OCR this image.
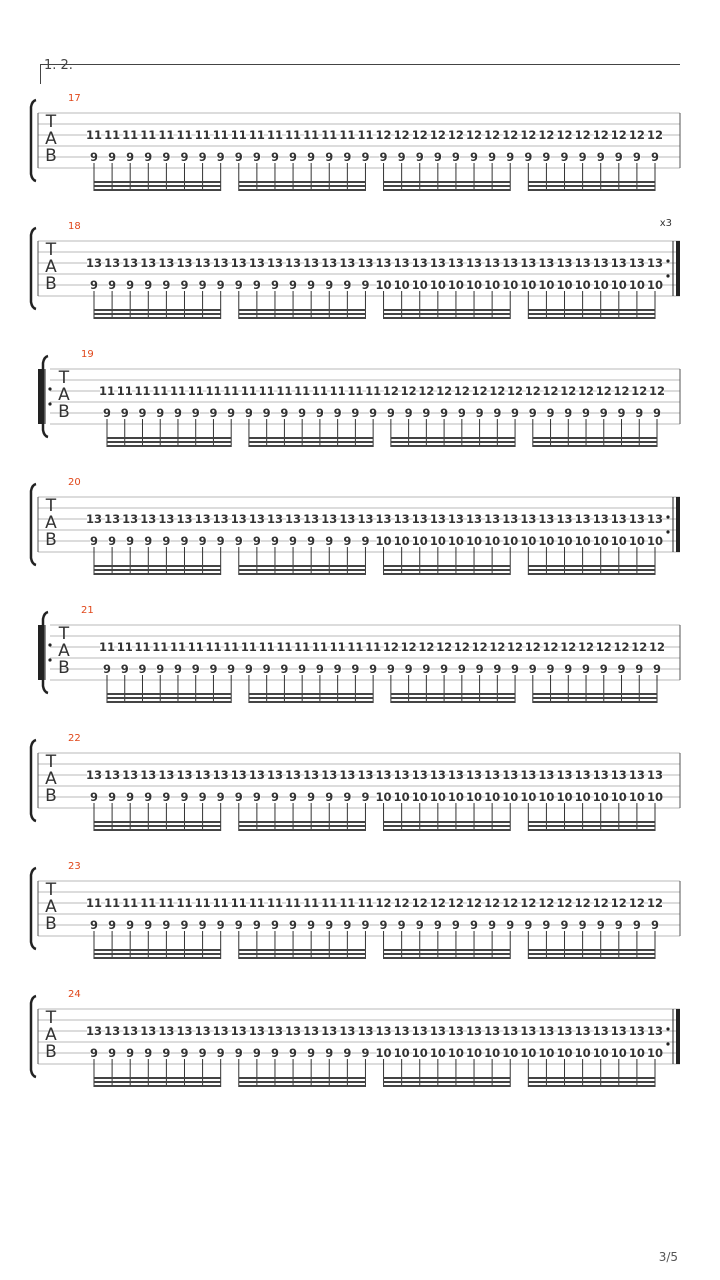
1. 2.
T
A
B
17
11
9
11
9
11
9
11
9
11
9
11
9
11
9
11
9
11
9
11
9
11
9
11
9
11
9
11
9
11
9
11
9
12
9
12
9
12
9
12
9
12
9
12
9
12
9
12
9
12
9
12
9
12
9
12
9
12
9
12
9
12
9
12
9
T
A
B
18	x3
13
9
13
9
13
9
13
9
13
9
13
9
13
9
13
9
13
9
13
9
13
9
13
9
13
9
13
9
13
9
13
9
13
10
13
10
13
10
13
10
13
10
13
10
13
10
13
10
13
10
13
10
13
10
13
10
13
10
13
10
13
10
13
10
T
A
B
19
11
9
11
9
11
9
11
9
11
9
11
9
11
9
11
9
11
9
11
9
11
9
11
9
11
9
11
9
11
9
11
9
12
9
12
9
12
9
12
9
12
9
12
9
12
9
12
9
12
9
12
9
12
9
12
9
12
9
12
9
12
9
12
9
T
A
B
20
13
9
13
9
13
9
13
9
13
9
13
9
13
9
13
9
13
9
13
9
13
9
13
9
13
9
13
9
13
9
13
9
13
10
13
10
13
10
13
10
13
10
13
10
13
10
13
10
13
10
13
10
13
10
13
10
13
10
13
10
13
10
13
10
T
A
B
21
11
9
11
9
11
9
11
9
11
9
11
9
11
9
11
9
11
9
11
9
11
9
11
9
11
9
11
9
11
9
11
9
12
9
12
9
12
9
12
9
12
9
12
9
12
9
12
9
12
9
12
9
12
9
12
9
12
9
12
9
12
9
12
9
T
A
B
22
13
9
13
9
13
9
13
9
13
9
13
9
13
9
13
9
13
9
13
9
13
9
13
9
13
9
13
9
13
9
13
9
13
10
13
10
13
10
13
10
13
10
13
10
13
10
13
10
13
10
13
10
13
10
13
10
13
10
13
10
13
10
13
10
T
A
B
23
11
9
11
9
11
9
11
9
11
9
11
9
11
9
11
9
11
9
11
9
11
9
11
9
11
9
11
9
11
9
11
9
12
9
12
9
12
9
12
9
12
9
12
9
12
9
12
9
12
9
12
9
12
9
12
9
12
9
12
9
12
9
12
9
T
A
B
24
13
9
13
9
13
9
13
9
13
9
13
9
13
9
13
9
13
9
13
9
13
9
13
9
13
9
13
9
13
9
13
9
13
10
13
10
13
10
13
10
13
10
13
10
13
10
13
10
13
10
13
10
13
10
13
10
13
10
13
10
13
10
13
10
3/5
